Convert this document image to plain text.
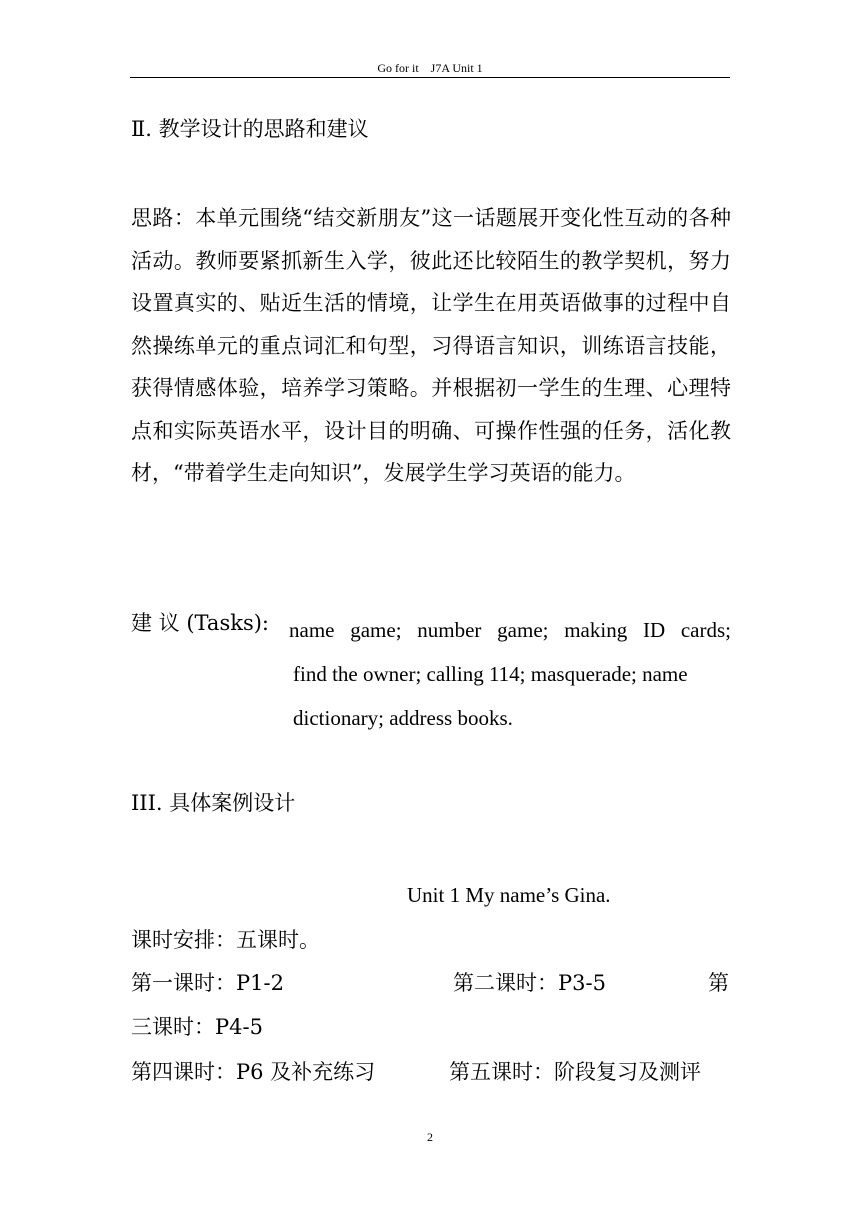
Go for it    J7A Unit 1
Ⅱ. 教学设计的思路和建议
思路：本单元围绕“结交新朋友”这一话题展开变化性互动的各种活动。教师要紧抓新生入学，彼此还比较陌生的教学契机，努力设置真实的、贴近生活的情境，让学生在用英语做事的过程中自然操练单元的重点词汇和句型，习得语言知识，训练语言技能，获得情感体验，培养学习策略。并根据初一学生的生理、心理特点和实际英语水平，设计目的明确、可操作性强的任务，活化教材，“带着学生走向知识”，发展学生学习英语的能力。
建 议 (Tasks): name game; number game; making ID cards;
find the owner; calling 114; masquerade; name dictionary; address books.
III. 具体案例设计
Unit 1 My name’s Gina.
课时安排：五课时。
第一课时：P1-2	第二课时：P3-5	第
三课时：P4-5
第四课时：P6 及补充练习	第五课时：阶段复习及测评
2
